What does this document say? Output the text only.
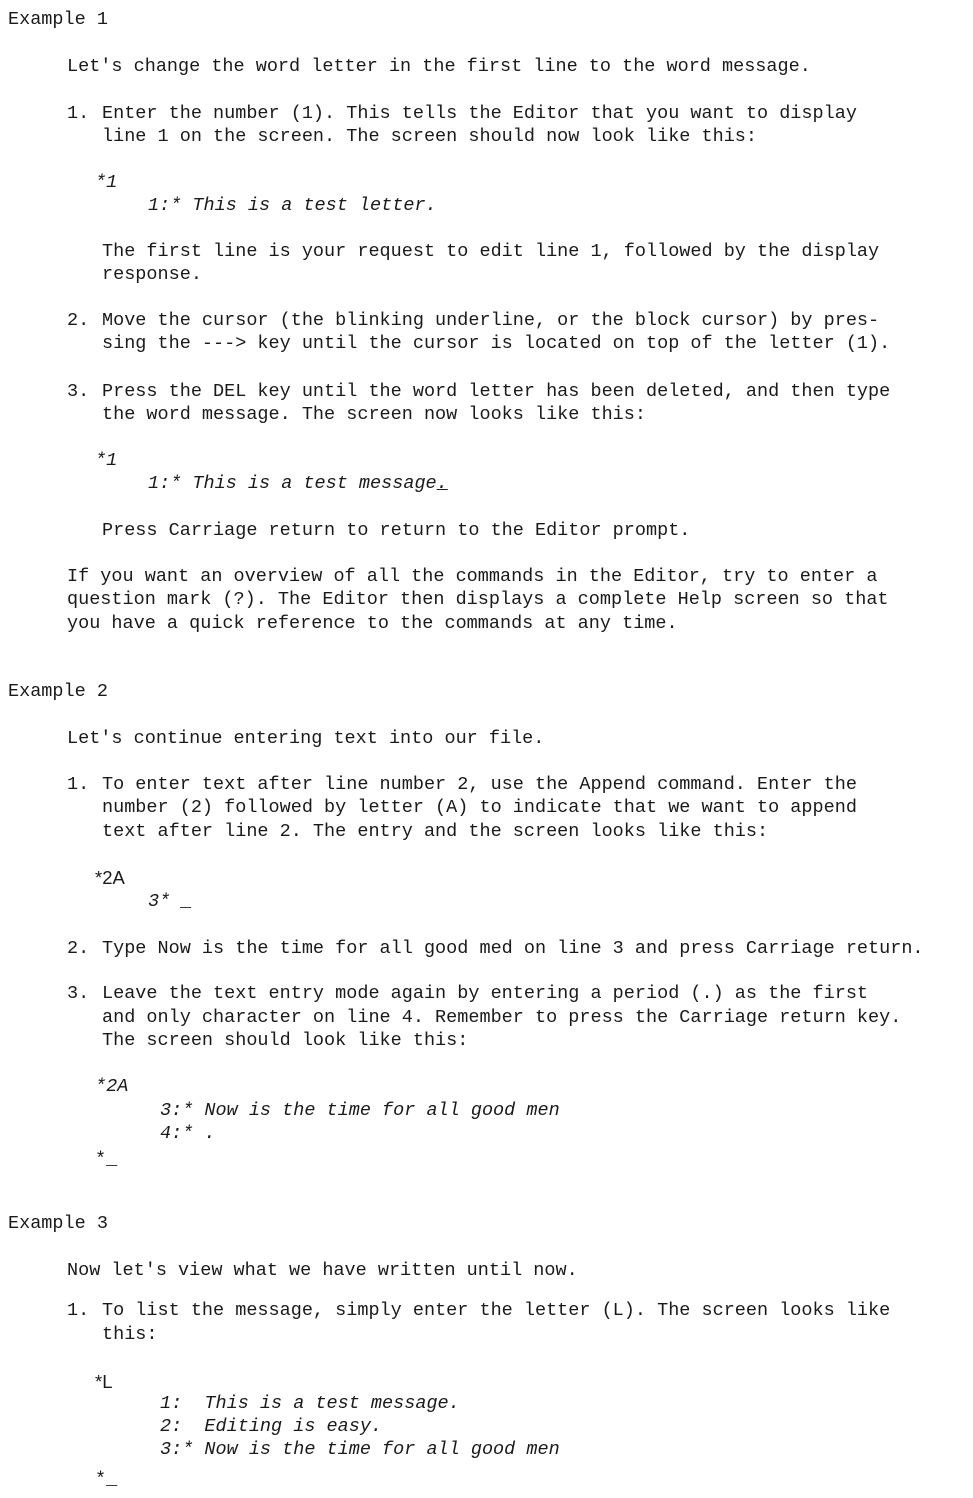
Example 1
Let's change the word letter in the first line to the word message.
1. Enter the number (1). This tells the Editor that you want to display
line 1 on the screen. The screen should now look like this:
*1
1:* This is a test letter.
The first line is your request to edit line 1, followed by the display
response.
2. Move the cursor (the blinking underline, or the block cursor) by pres-
sing the ---> key until the cursor is located on top of the letter (1).
3. Press the DEL key until the word letter has been deleted, and then type
the word message. The screen now looks like this:
*1
1:* This is a test message.
Press Carriage return to return to the Editor prompt.
If you want an overview of all the commands in the Editor, try to enter a
question mark (?). The Editor then displays a complete Help screen so that
you have a quick reference to the commands at any time.
Example 2
Let's continue entering text into our file.
1. To enter text after line number 2, use the Append command. Enter the
number (2) followed by letter (A) to indicate that we want to append
text after line 2. The entry and the screen looks like this:
*2A
3* _
2. Type Now is the time for all good med on line 3 and press Carriage return.
3. Leave the text entry mode again by entering a period (.) as the first
and only character on line 4. Remember to press the Carriage return key.
The screen should look like this:
*2A
3:* Now is the time for all good men
4:* .
*_
Example 3
Now let's view what we have written until now.
1. To list the message, simply enter the letter (L). The screen looks like
this:
*L
1:  This is a test message.
2:  Editing is easy.
3:* Now is the time for all good men
*_
